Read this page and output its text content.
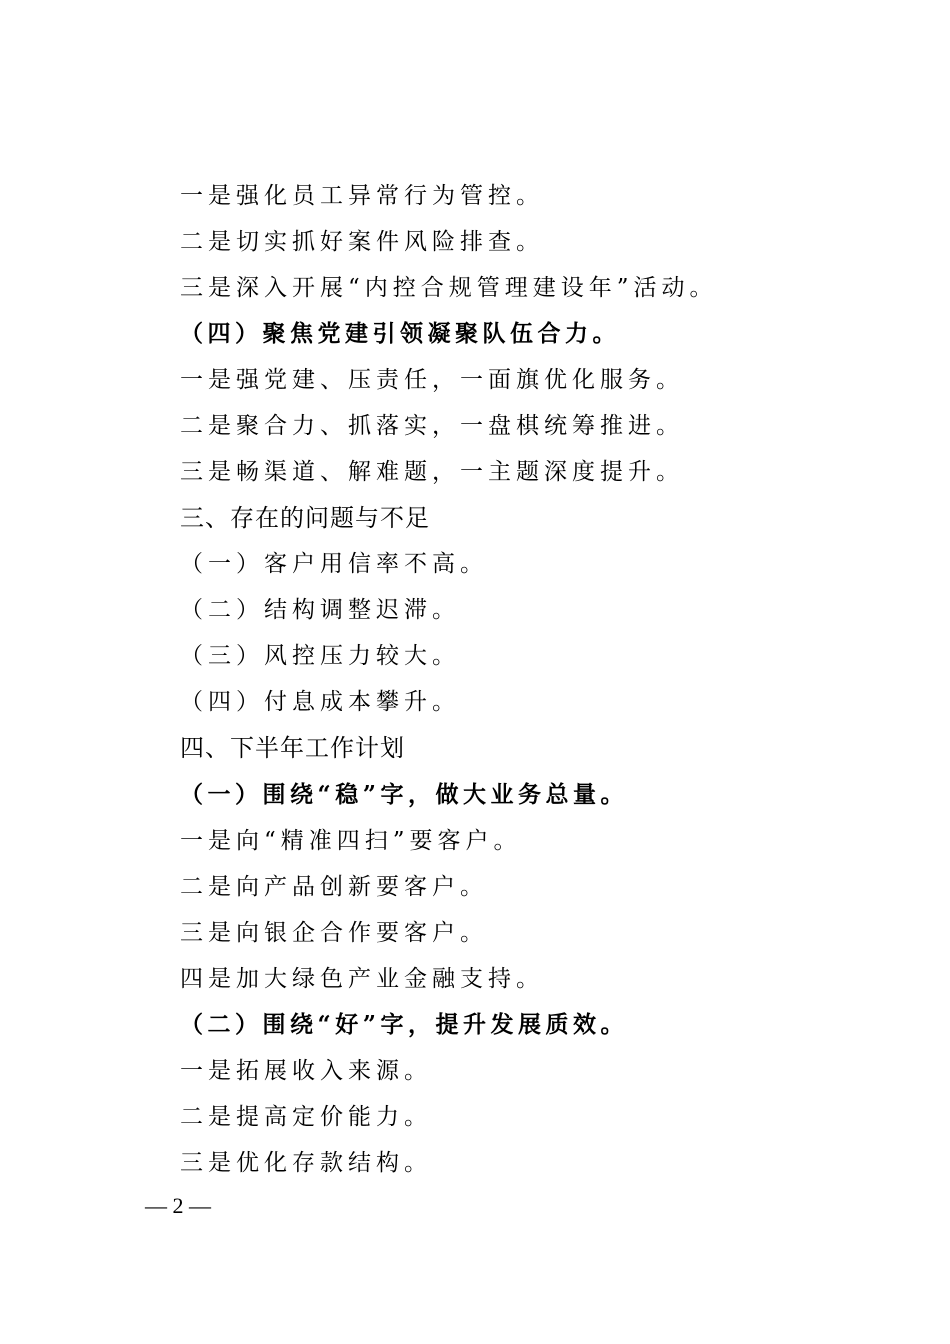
一是强化员工异常行为管控。
二是切实抓好案件风险排查。
三是深入开展“内控合规管理建设年”活动。
（四）聚焦党建引领凝聚队伍合力。
一是强党建、压责任，一面旗优化服务。
二是聚合力、抓落实，一盘棋统筹推进。
三是畅渠道、解难题，一主题深度提升。
三、存在的问题与不足
（一）客户用信率不高。
（二）结构调整迟滞。
（三）风控压力较大。
（四）付息成本攀升。
四、下半年工作计划
（一）围绕“稳”字，做大业务总量。
一是向“精准四扫”要客户。
二是向产品创新要客户。
三是向银企合作要客户。
四是加大绿色产业金融支持。
（二）围绕“好”字，提升发展质效。
一是拓展收入来源。
二是提高定价能力。
三是优化存款结构。
— 2 —
